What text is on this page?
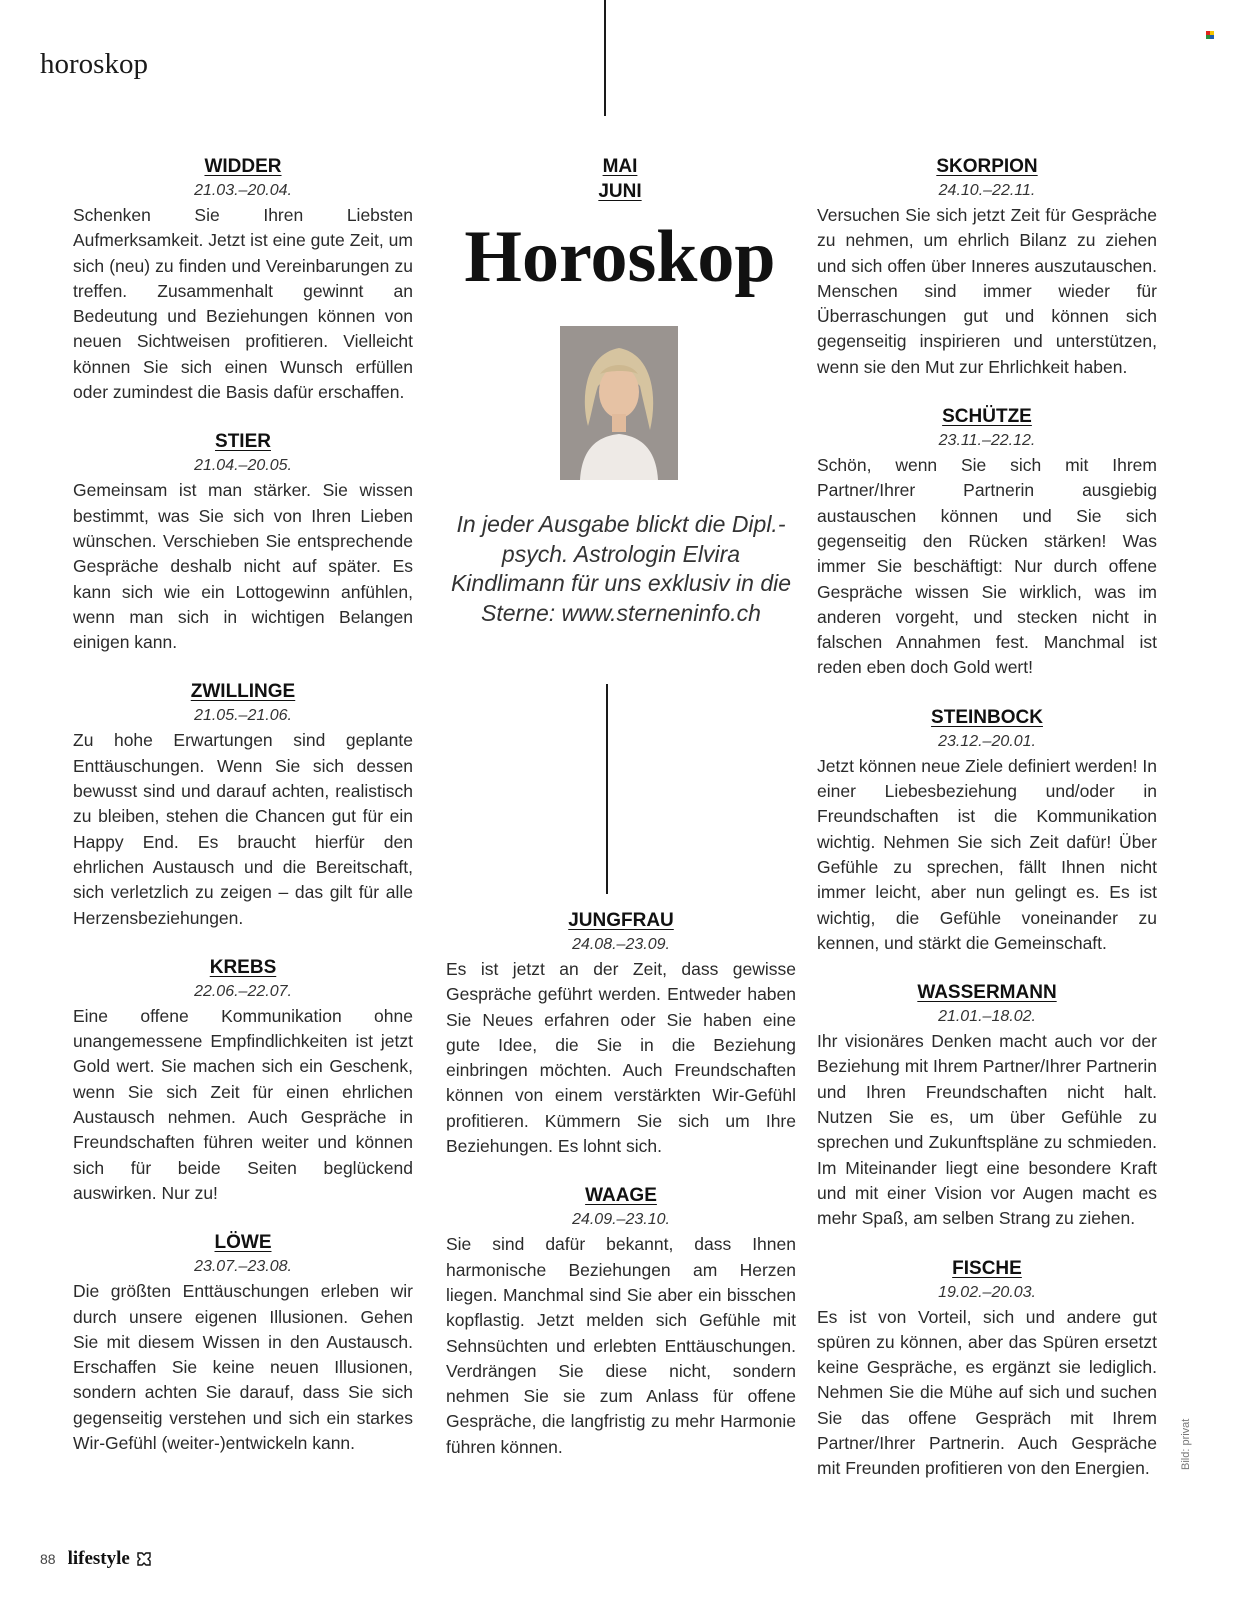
horoskop
WIDDER
21.03.–20.04.
Schenken Sie Ihren Liebsten Aufmerksamkeit. Jetzt ist eine gute Zeit, um sich (neu) zu finden und Vereinbarungen zu treffen. Zusammenhalt gewinnt an Bedeutung und Beziehungen können von neuen Sichtweisen profitieren. Vielleicht können Sie sich einen Wunsch erfüllen oder zumindest die Basis dafür erschaffen.
STIER
21.04.–20.05.
Gemeinsam ist man stärker. Sie wissen bestimmt, was Sie sich von Ihren Lieben wünschen. Verschieben Sie entsprechende Gespräche deshalb nicht auf später. Es kann sich wie ein Lottogewinn anfühlen, wenn man sich in wichtigen Belangen einigen kann.
ZWILLINGE
21.05.–21.06.
Zu hohe Erwartungen sind geplante Enttäuschungen. Wenn Sie sich dessen bewusst sind und darauf achten, realistisch zu bleiben, stehen die Chancen gut für ein Happy End. Es braucht hierfür den ehrlichen Austausch und die Bereitschaft, sich verletzlich zu zeigen – das gilt für alle Herzensbeziehungen.
KREBS
22.06.–22.07.
Eine offene Kommunikation ohne unangemessene Empfindlichkeiten ist jetzt Gold wert. Sie machen sich ein Geschenk, wenn Sie sich Zeit für einen ehrlichen Austausch nehmen. Auch Gespräche in Freundschaften führen weiter und können sich für beide Seiten beglückend auswirken. Nur zu!
LÖWE
23.07.–23.08.
Die größten Enttäuschungen erleben wir durch unsere eigenen Illusionen. Gehen Sie mit diesem Wissen in den Austausch. Erschaffen Sie keine neuen Illusionen, sondern achten Sie darauf, dass Sie sich gegenseitig verstehen und sich ein starkes Wir-Gefühl (weiter-)entwickeln kann.
MAI
JUNI
Horoskop
In jeder Ausgabe blickt die Dipl.-psych. Astrologin Elvira Kindlimann für uns exklusiv in die Sterne: www.sterneninfo.ch
JUNGFRAU
24.08.–23.09.
Es ist jetzt an der Zeit, dass gewisse Gespräche geführt werden. Entweder haben Sie Neues erfahren oder Sie haben eine gute Idee, die Sie in die Beziehung einbringen möchten. Auch Freundschaften können von einem verstärkten Wir-Gefühl profitieren. Kümmern Sie sich um Ihre Beziehungen. Es lohnt sich.
WAAGE
24.09.–23.10.
Sie sind dafür bekannt, dass Ihnen harmonische Beziehungen am Herzen liegen. Manchmal sind Sie aber ein bisschen kopflastig. Jetzt melden sich Gefühle mit Sehnsüchten und erlebten Enttäuschungen. Verdrängen Sie diese nicht, sondern nehmen Sie sie zum Anlass für offene Gespräche, die langfristig zu mehr Harmonie führen können.
SKORPION
24.10.–22.11.
Versuchen Sie sich jetzt Zeit für Gespräche zu nehmen, um ehrlich Bilanz zu ziehen und sich offen über Inneres auszutauschen. Menschen sind immer wieder für Überraschungen gut und können sich gegenseitig inspirieren und unterstützen, wenn sie den Mut zur Ehrlichkeit haben.
SCHÜTZE
23.11.–22.12.
Schön, wenn Sie sich mit Ihrem Partner/Ihrer Partnerin ausgiebig austauschen können und Sie sich gegenseitig den Rücken stärken! Was immer Sie beschäftigt: Nur durch offene Gespräche wissen Sie wirklich, was im anderen vorgeht, und stecken nicht in falschen Annahmen fest. Manchmal ist reden eben doch Gold wert!
STEINBOCK
23.12.–20.01.
Jetzt können neue Ziele definiert werden! In einer Liebesbeziehung und/oder in Freundschaften ist die Kommunikation wichtig. Nehmen Sie sich Zeit dafür! Über Gefühle zu sprechen, fällt Ihnen nicht immer leicht, aber nun gelingt es. Es ist wichtig, die Gefühle voneinander zu kennen, und stärkt die Gemeinschaft.
WASSERMANN
21.01.–18.02.
Ihr visionäres Denken macht auch vor der Beziehung mit Ihrem Partner/Ihrer Partnerin und Ihren Freundschaften nicht halt. Nutzen Sie es, um über Gefühle zu sprechen und Zukunftspläne zu schmieden. Im Miteinander liegt eine besondere Kraft und mit einer Vision vor Augen macht es mehr Spaß, am selben Strang zu ziehen.
FISCHE
19.02.–20.03.
Es ist von Vorteil, sich und andere gut spüren zu können, aber das Spüren ersetzt keine Gespräche, es ergänzt sie lediglich. Nehmen Sie die Mühe auf sich und suchen Sie das offene Gespräch mit Ihrem Partner/Ihrer Partnerin. Auch Gespräche mit Freunden profitieren von den Energien.	Bild: privat
88 lifestyle
